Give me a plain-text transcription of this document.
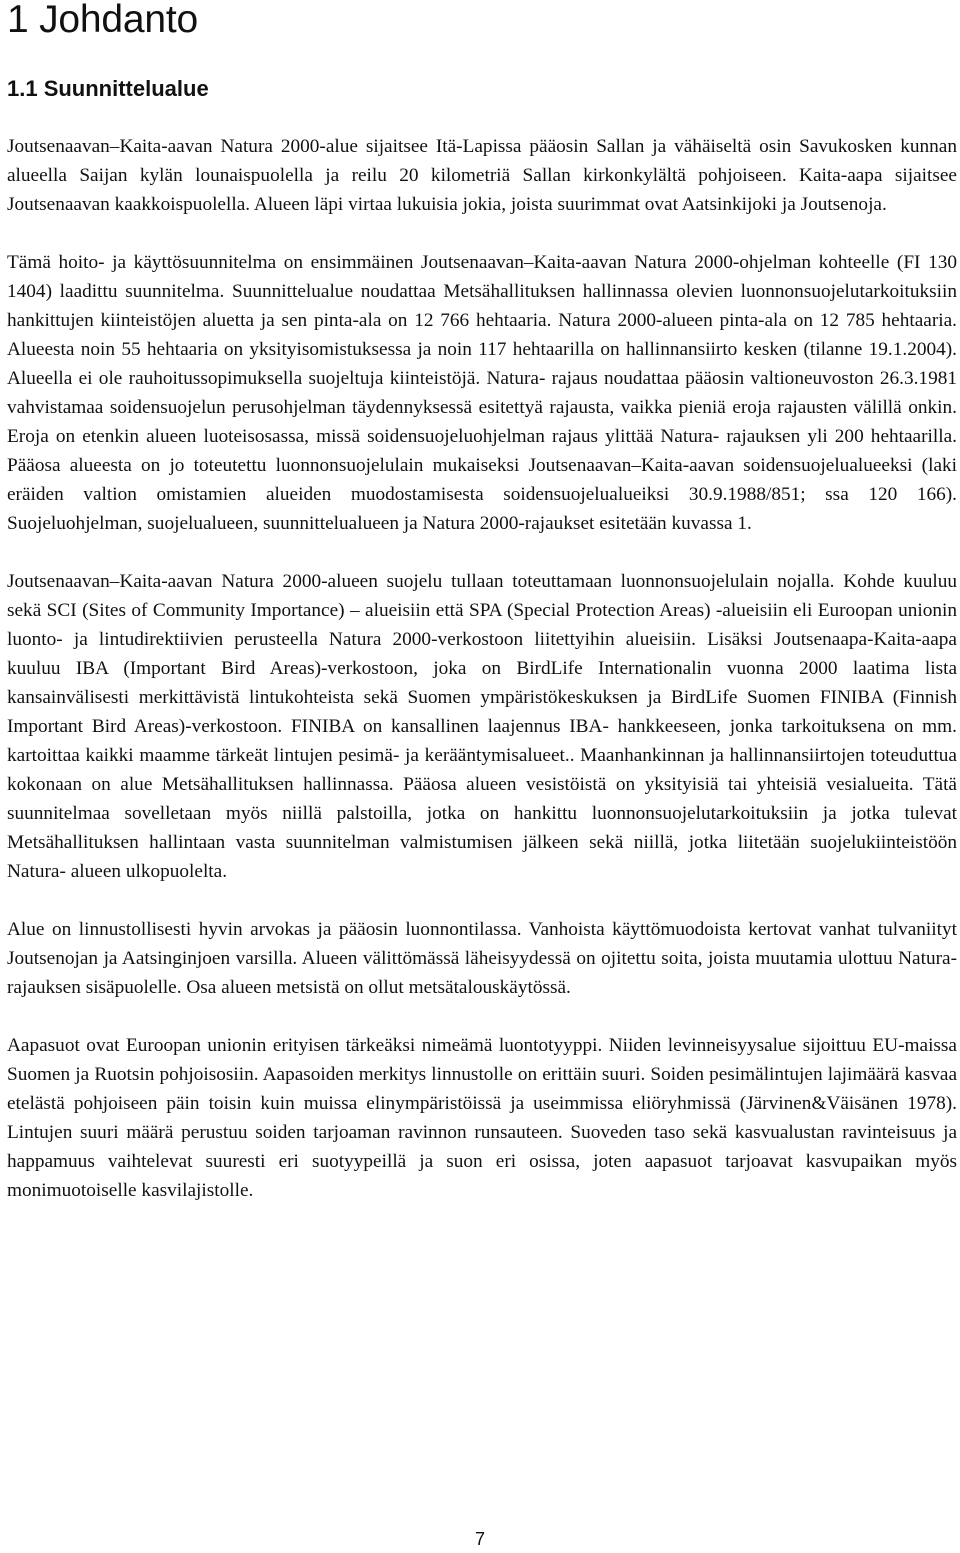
1 Johdanto
1.1 Suunnittelualue

Joutsenaavan–Kaita-aavan Natura 2000-alue sijaitsee Itä-Lapissa pääosin Sallan ja vähäiseltä osin Savukosken kunnan alueella Saijan kylän lounaispuolella ja reilu 20 kilometriä Sallan kirkonkylältä pohjoiseen. Kaita-aapa sijaitsee Joutsenaavan kaakkoispuolella. Alueen läpi virtaa lukuisia jokia, joista suurimmat ovat Aatsinkijoki ja Joutsenoja.

Tämä hoito- ja käyttösuunnitelma on ensimmäinen Joutsenaavan–Kaita-aavan Natura 2000-ohjelman kohteelle (FI 130 1404) laadittu suunnitelma. Suunnittelualue noudattaa Metsähallituksen hallinnassa olevien luonnonsuojelutarkoituksiin hankittujen kiinteistöjen aluetta ja sen pinta-ala on 12 766 hehtaaria. Natura 2000-alueen pinta-ala on 12 785 hehtaaria. Alueesta noin 55 hehtaaria on yksityisomistuksessa ja noin 117 hehtaarilla on hallinnansiirto kesken (tilanne 19.1.2004). Alueella ei ole rauhoitussopimuksella suojeltuja kiinteistöjä. Natura- rajaus noudattaa pääosin valtioneuvoston 26.3.1981 vahvistamaa soidensuojelun perusohjelman täydennyksessä esitettyä rajausta, vaikka pieniä eroja rajausten välillä onkin. Eroja on etenkin alueen luoteisosassa, missä soidensuojeluohjelman rajaus ylittää Natura- rajauksen yli 200 hehtaarilla. Pääosa alueesta on jo toteutettu luonnonsuojelulain mukaiseksi Joutsenaavan–Kaita-aavan soidensuojelualueeksi (laki eräiden valtion omistamien alueiden muodostamisesta soidensuojelualueiksi 30.9.1988/851; ssa 120 166). Suojeluohjelman, suojelualueen, suunnittelualueen ja Natura 2000-rajaukset esitetään kuvassa 1.

Joutsenaavan–Kaita-aavan Natura 2000-alueen suojelu tullaan toteuttamaan luonnonsuojelulain nojalla. Kohde kuuluu sekä SCI (Sites of Community Importance) – alueisiin että SPA (Special Protection Areas) -alueisiin eli Euroopan unionin luonto- ja lintudirektiivien perusteella Natura 2000-verkostoon liitettyihin alueisiin. Lisäksi Joutsenaapa-Kaita-aapa kuuluu IBA (Important Bird Areas)-verkostoon, joka on BirdLife Internationalin vuonna 2000 laatima lista kansainvälisesti merkittävistä lintukohteista sekä Suomen ympäristökeskuksen ja BirdLife Suomen FINIBA (Finnish Important Bird Areas)-verkostoon. FINIBA on kansallinen laajennus IBA- hankkeeseen, jonka tarkoituksena on mm. kartoittaa kaikki maamme tärkeät lintujen pesimä- ja kerääntymisalueet.. Maanhankinnan ja hallinnansiirtojen toteuduttua kokonaan on alue Metsähallituksen hallinnassa. Pääosa alueen vesistöistä on yksityisiä tai yhteisiä vesialueita. Tätä suunnitelmaa sovelletaan myös niillä palstoilla, jotka on hankittu luonnonsuojelutarkoituksiin ja jotka tulevat Metsähallituksen hallintaan vasta suunnitelman valmistumisen jälkeen sekä niillä, jotka liitetään suojelukiinteistöön Natura- alueen ulkopuolelta.

Alue on linnustollisesti hyvin arvokas ja pääosin luonnontilassa. Vanhoista käyttömuodoista kertovat vanhat tulvaniityt Joutsenojan ja Aatsinginjoen varsilla. Alueen välittömässä läheisyydessä on ojitettu soita, joista muutamia ulottuu Natura- rajauksen sisäpuolelle. Osa alueen metsistä on ollut metsätalouskäytössä.

Aapasuot ovat Euroopan unionin erityisen tärkeäksi nimeämä luontotyyppi. Niiden levinneisyysalue sijoittuu EU-maissa Suomen ja Ruotsin pohjoisosiin. Aapasoiden merkitys linnustolle on erittäin suuri. Soiden pesimälintujen lajimäärä kasvaa etelästä pohjoiseen päin toisin kuin muissa elinympäristöissä ja useimmissa eliöryhmissä (Järvinen&Väisänen 1978). Lintujen suuri määrä perustuu soiden tarjoaman ravinnon runsauteen. Suoveden taso sekä kasvualustan ravinteisuus ja happamuus vaihtelevat suuresti eri suotyypeillä ja suon eri osissa, joten aapasuot tarjoavat kasvupaikan myös monimuotoiselle kasvilajistolle.

7
